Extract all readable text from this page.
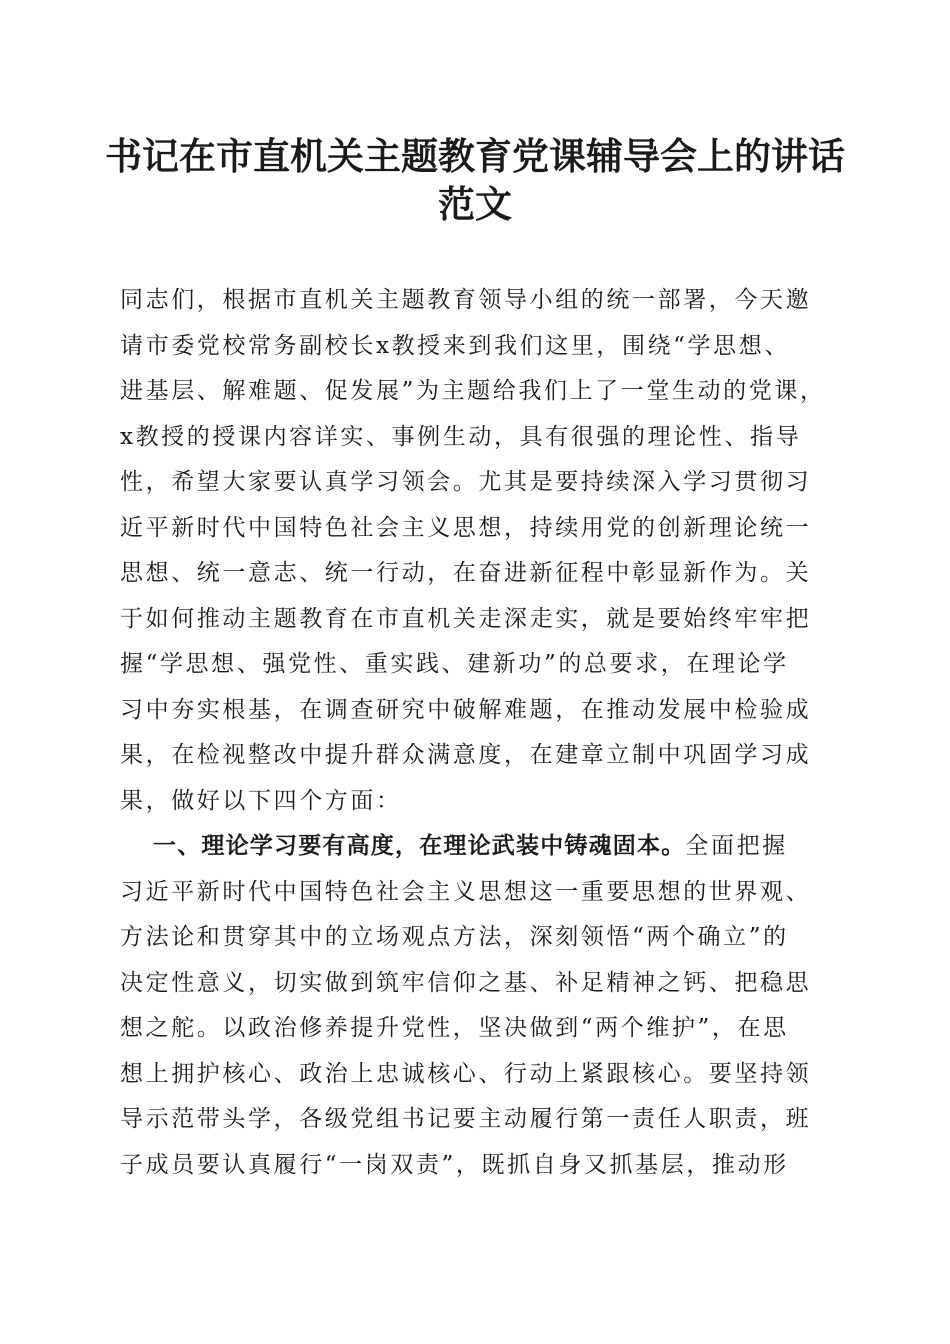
书记在市直机关主题教育党课辅导会上的讲话
范文
同志们，根据市直机关主题教育领导小组的统一部署，今天邀
请市委党校常务副校长x教授来到我们这里，围绕“学思想、
进基层、解难题、促发展”为主题给我们上了一堂生动的党课，
x教授的授课内容详实、事例生动，具有很强的理论性、指导
性，希望大家要认真学习领会。尤其是要持续深入学习贯彻习
近平新时代中国特色社会主义思想，持续用党的创新理论统一
思想、统一意志、统一行动，在奋进新征程中彰显新作为。关
于如何推动主题教育在市直机关走深走实，就是要始终牢牢把
握“学思想、强党性、重实践、建新功”的总要求，在理论学
习中夯实根基，在调查研究中破解难题，在推动发展中检验成
果，在检视整改中提升群众满意度，在建章立制中巩固学习成
果，做好以下四个方面：
一、理论学习要有高度，在理论武装中铸魂固本。全面把握
习近平新时代中国特色社会主义思想这一重要思想的世界观、
方法论和贯穿其中的立场观点方法，深刻领悟“两个确立”的
决定性意义，切实做到筑牢信仰之基、补足精神之钙、把稳思
想之舵。以政治修养提升党性，坚决做到“两个维护”，在思
想上拥护核心、政治上忠诚核心、行动上紧跟核心。要坚持领
导示范带头学，各级党组书记要主动履行第一责任人职责，班
子成员要认真履行“一岗双责”，既抓自身又抓基层，推动形
